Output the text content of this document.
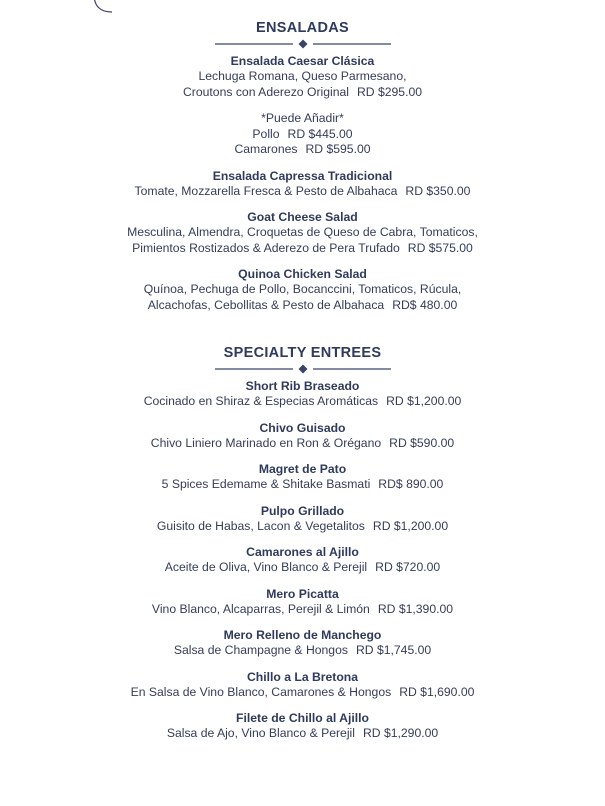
ENSALADAS
Ensalada Caesar Clásica
Lechuga Romana, Queso Parmesano,
Croutons con Aderezo Original RD $295.00
*Puede Añadir*
Pollo RD $445.00
Camarones RD $595.00
Ensalada Capressa Tradicional
Tomate, Mozzarella Fresca & Pesto de Albahaca RD $350.00
Goat Cheese Salad
Mesculina, Almendra, Croquetas de Queso de Cabra, Tomaticos,
Pimientos Rostizados & Aderezo de Pera Trufado RD $575.00
Quinoa Chicken Salad
Quínoa, Pechuga de Pollo, Bocanccini, Tomaticos, Rúcula,
Alcachofas, Cebollitas & Pesto de Albahaca RD$ 480.00
SPECIALTY ENTREES
Short Rib Braseado
Cocinado en Shiraz & Especias Aromáticas RD $1,200.00
Chivo Guisado
Chivo Liniero Marinado en Ron & Orégano RD $590.00
Magret de Pato
5 Spices Edemame & Shitake Basmati RD$ 890.00
Pulpo Grillado
Guisito de Habas, Lacon & Vegetalitos RD $1,200.00
Camarones al Ajillo
Aceite de Oliva, Vino Blanco & Perejil RD $720.00
Mero Picatta
Vino Blanco, Alcaparras, Perejil & Limón RD $1,390.00
Mero Relleno de Manchego
Salsa de Champagne & Hongos RD $1,745.00
Chillo a La Bretona
En Salsa de Vino Blanco, Camarones & Hongos RD $1,690.00
Filete de Chillo al Ajillo
Salsa de Ajo, Vino Blanco & Perejil RD $1,290.00
